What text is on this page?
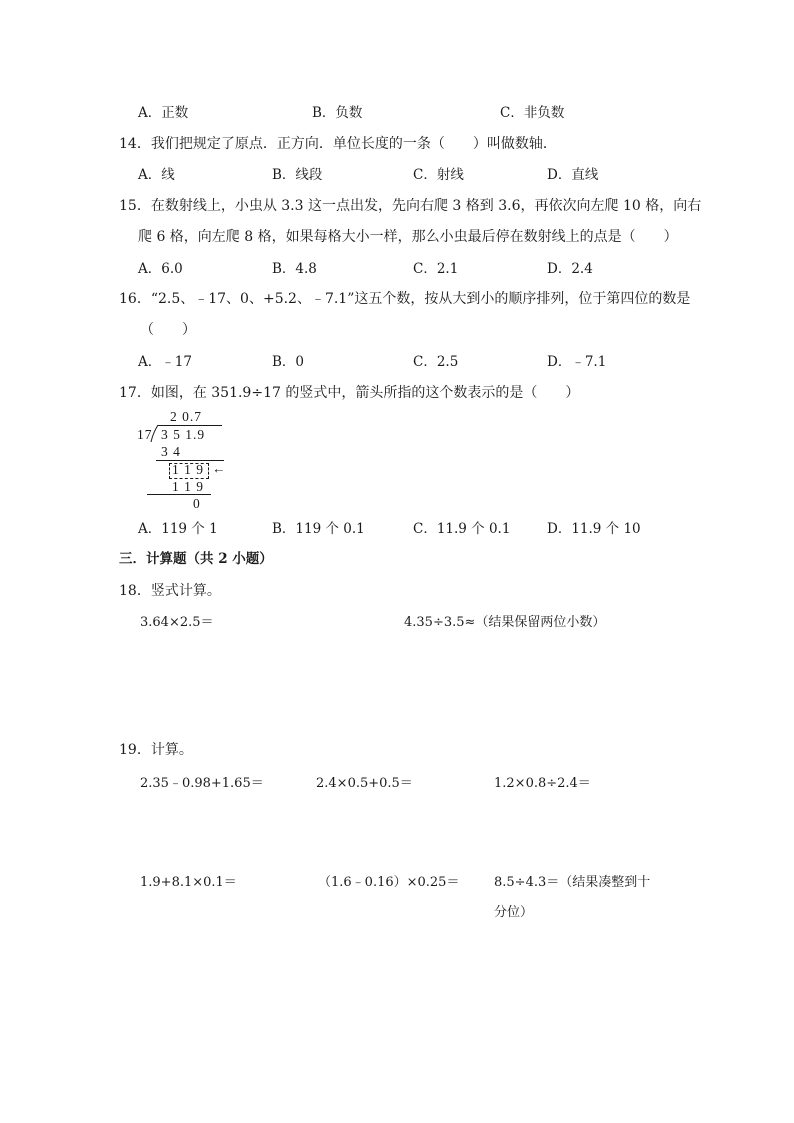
A．正数	B．负数	C．非负数
14．我们把规定了原点．正方向．单位长度的一条（　　）叫做数轴．
A．线	B．线段	C．射线	D．直线
15．在数射线上，小虫从 3.3 这一点出发，先向右爬 3 格到 3.6，再依次向左爬 10 格，向右
爬 6 格，向左爬 8 格，如果每格大小一样，那么小虫最后停在数射线上的点是（　　）
A．6.0	B．4.8	C．2.1	D．2.4
16．“2.5、﹣17、0、+5.2、﹣7.1”这五个数，按从大到小的顺序排列，位于第四位的数是
（　　）
A．﹣17	B．0	C．2.5	D．﹣7.1
17．如图，在 351.9÷17 的竖式中，箭头所指的这个数表示的是（　　）
2 0.7
17 3 5 1.9
3 4
1 1 9 ←
1 1 9
0
A．119 个 1	B．119 个 0.1	C．11.9 个 0.1	D．11.9 个 10
三．计算题（共 2 小题）
18．竖式计算。
3.64×2.5＝	4.35÷3.5≈（结果保留两位小数）
19．计算。
2.35﹣0.98+1.65＝	2.4×0.5+0.5＝	1.2×0.8÷2.4＝
1.9+8.1×0.1＝	（1.6﹣0.16）×0.25＝	8.5÷4.3＝（结果凑整到十
分位）
